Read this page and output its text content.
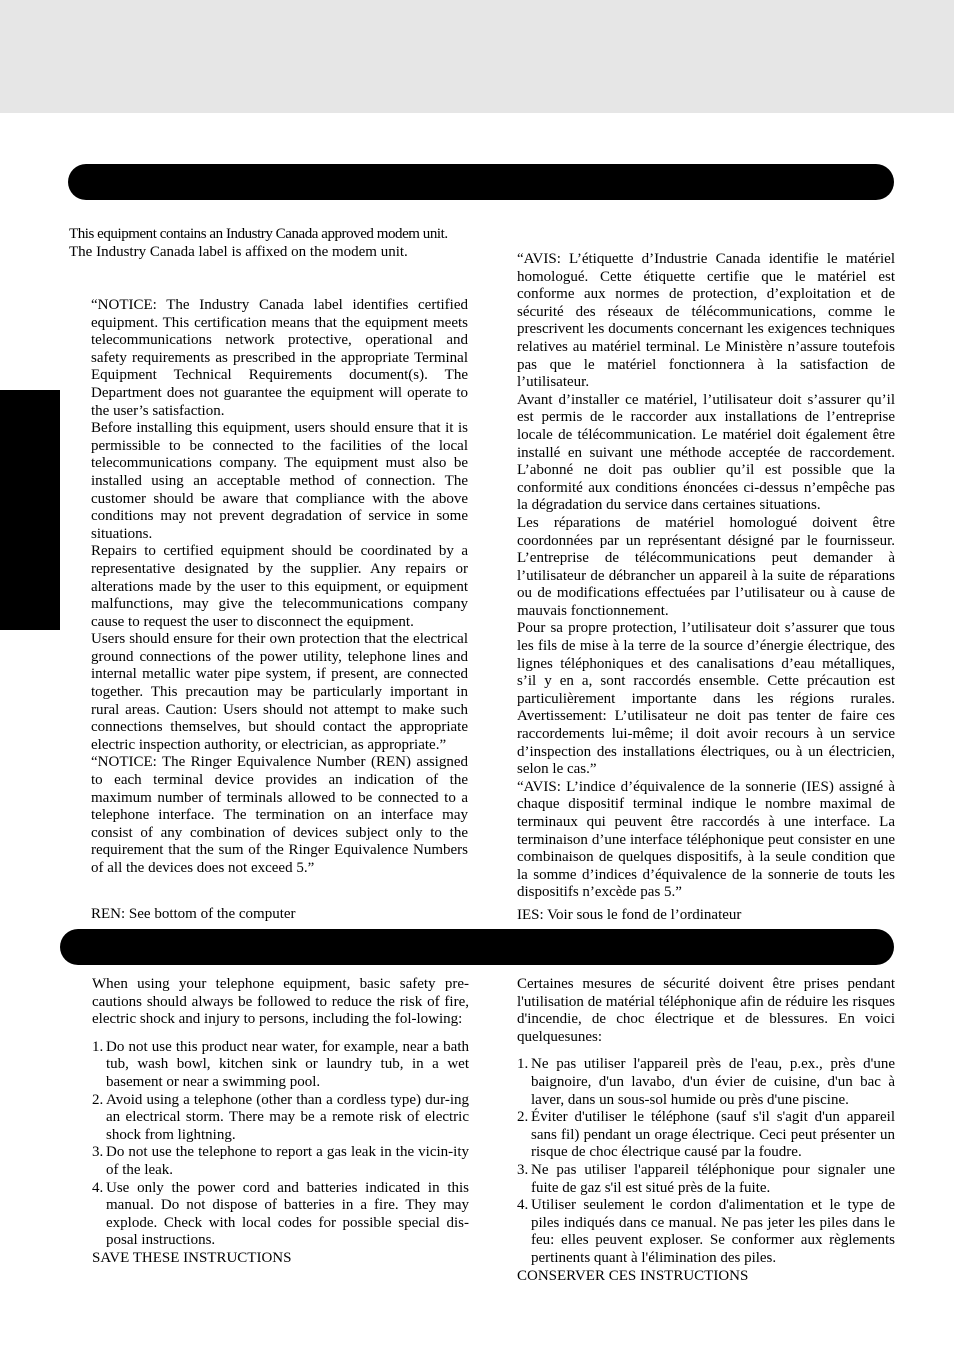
This equipment contains an Industry Canada approved modem unit.

The Industry Canada label is affixed on the modem unit.

“NOTICE: The Industry Canada label identifies certified equipment. This certification means that the equipment meets telecommunications network protective, operational and safety requirements as prescribed in the appropriate Terminal Equipment Technical Requirements document(s). The Department does not guarantee the equipment will operate to the user’s satisfaction.

Before installing this equipment, users should ensure that it is permissible to be connected to the facilities of the local telecommunications company. The equipment must also be installed using an acceptable method of connection. The customer should be aware that compliance with the above conditions may not prevent degradation of service in some situations.

Repairs to certified equipment should be coordinated by a representative designated by the supplier. Any repairs or alterations made by the user to this equipment, or equipment malfunctions, may give the telecommunications company cause to request the user to disconnect the equipment.

Users should ensure for their own protection that the electrical ground connections of the power utility, telephone lines and internal metallic water pipe system, if present, are connected together. This precaution may be particularly important in rural areas. Caution: Users should not attempt to make such connections themselves, but should contact the appropriate electric inspection authority, or electrician, as appropriate.”

“NOTICE: The Ringer Equivalence Number (REN) assigned to each terminal device provides an indication of the maximum number of terminals allowed to be connected to a telephone interface. The termination on an interface may consist of any combination of devices subject only to the requirement that the sum of the Ringer Equivalence Numbers of all the devices does not exceed 5.”

REN: See bottom of the computer

“AVIS: L’étiquette d’Industrie Canada identifie le matériel homologué. Cette étiquette certifie que le matériel est conforme aux normes de protection, d’exploitation et de sécurité des réseaux de télécommunications, comme le prescrivent les documents concernant les exigences techniques relatives au matériel terminal. Le Ministère n’assure toutefois pas que le matériel fonctionnera à la satisfaction de l’utilisateur.

Avant d’installer ce matériel, l’utilisateur doit s’assurer qu’il est permis de le raccorder aux installations de l’entreprise locale de télécommunication. Le matériel doit également être installé en suivant une méthode acceptée de raccordement. L’abonné ne doit pas oublier qu’il est possible que la conformité aux conditions énoncées ci-dessus n’empêche pas la dégradation du service dans certaines situations.

Les réparations de matériel homologué doivent être coordonnées par un représentant désigné par le fournisseur. L’entreprise de télécommunications peut demander à l’utilisateur de débrancher un appareil à la suite de réparations ou de modifications effectuées par l’utilisateur ou à cause de mauvais fonctionnement.

Pour sa propre protection, l’utilisateur doit s’assurer que tous les fils de mise à la terre de la source d’énergie électrique, des lignes téléphoniques et des canalisations d’eau métalliques, s’il y en a, sont raccordés ensemble. Cette précaution est particulièrement importante dans les régions rurales. Avertissement: L’utilisateur ne doit pas tenter de faire ces raccordements lui-même; il doit avoir recours à un service d’inspection des installations électriques, ou à un électricien, selon le cas.”

“AVIS: L’indice d’équivalence de la sonnerie (IES) assigné à chaque dispositif terminal indique le nombre maximal de terminaux qui peuvent être raccordés à une interface. La terminaison d’une interface téléphonique peut consister en une combinaison de quelques dispositifs, à la seule condition que la somme d’indices d’équivalence de la sonnerie de touts les dispositifs n’excède pas 5.”

IES: Voir sous le fond de l’ordinateur

When using your telephone equipment, basic safety pre-cautions should always be followed to reduce the risk of fire, electric shock and injury to persons, including the fol-lowing:

1. Do not use this product near water, for example, near a bath tub, wash bowl, kitchen sink or laundry tub, in a wet basement or near a swimming pool.
2. Avoid using a telephone (other than a cordless type) dur-ing an electrical storm. There may be a remote risk of electric shock from lightning.
3. Do not use the telephone to report a gas leak in the vicin-ity of the leak.
4. Use only the power cord and batteries indicated in this manual. Do not dispose of batteries in a fire. They may explode. Check with local codes for possible special dis-posal instructions.

SAVE THESE INSTRUCTIONS

Certaines mesures de sécurité doivent être prises pendant l'utilisation de matérial téléphonique afin de réduire les risques d'incendie, de choc électrique et de blessures. En voici quelquesunes:

1. Ne pas utiliser l'appareil près de l'eau, p.ex., près d'une baignoire, d'un lavabo, d'un évier de cuisine, d'un bac à laver, dans un sous-sol humide ou près d'une piscine.
2. Éviter d'utiliser le téléphone (sauf s'il s'agit d'un appareil sans fil) pendant un orage électrique. Ceci peut présenter un risque de choc électrique causé par la foudre.
3. Ne pas utiliser l'appareil téléphonique pour signaler une fuite de gaz s'il est situé près de la fuite.
4. Utiliser seulement le cordon d'alimentation et le type de piles indiqués dans ce manual. Ne pas jeter les piles dans le feu: elles peuvent exploser. Se conformer aux règlements pertinents quant à l'élimination des piles.

CONSERVER CES INSTRUCTIONS
